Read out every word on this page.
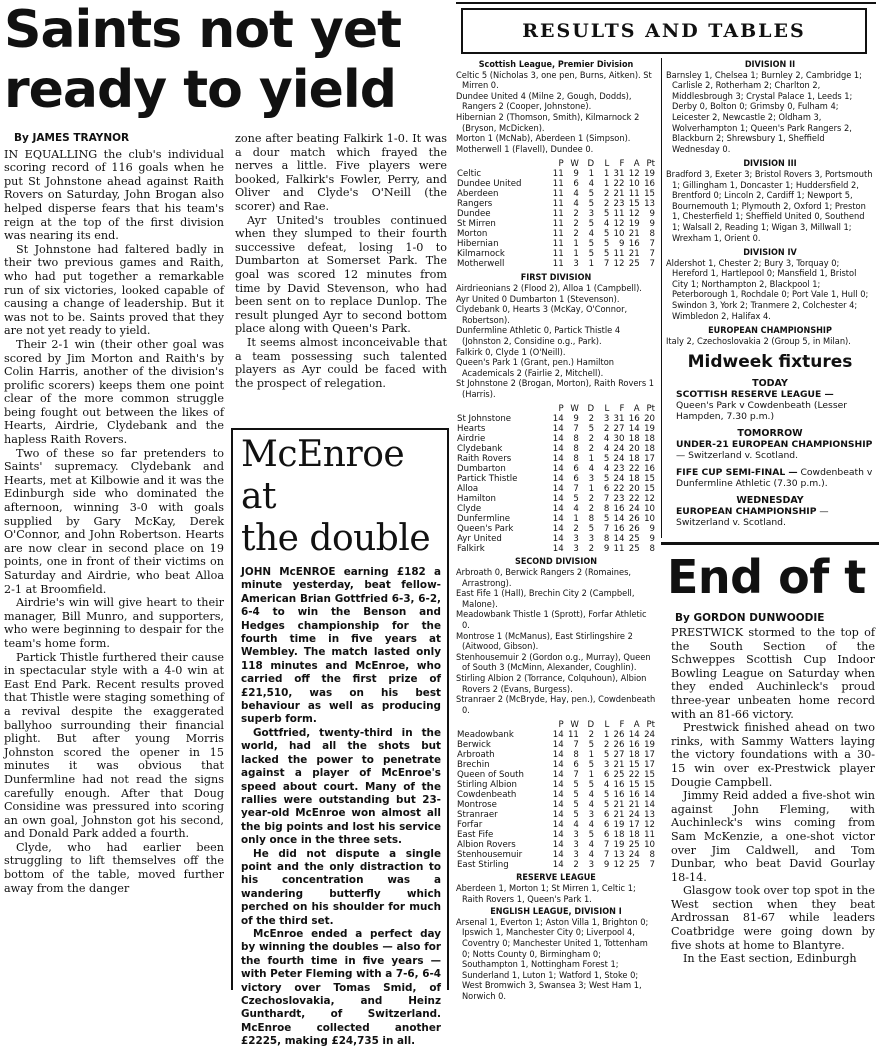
Saints not yet
ready to yield
By JAMES TRAYNOR

IN EQUALLING the club's individual scoring record of 116 goals when he put St Johnstone ahead against Raith Rovers on Saturday, John Brogan also helped disperse fears that his team's reign at the top of the first division was nearing its end.

St Johnstone had faltered badly in their two previous games and Raith, who had put together a remarkable run of six victories, looked capable of causing a change of leadership. But it was not to be. Saints proved that they are not yet ready to yield.

Their 2-1 win (their other goal was scored by Jim Morton and Raith's by Colin Harris, another of the division's prolific scorers) keeps them one point clear of the more common struggle being fought out between the likes of Hearts, Airdrie, Clydebank and the hapless Raith Rovers.

Two of these so far pretenders to Saints' supremacy. Clydebank and Hearts, met at Kilbowie and it was the Edinburgh side who dominated the afternoon, winning 3-0 with goals supplied by Gary McKay, Derek O'Connor, and John Robertson. Hearts are now clear in second place on 19 points, one in front of their victims on Saturday and Airdrie, who beat Alloa 2-1 at Broomfield.

Airdrie's win will give heart to their manager, Bill Munro, and supporters, who were beginning to despair for the team's home form.

Partick Thistle furthered their cause in spectacular style with a 4-0 win at East End Park. Recent results proved that Thistle were staging something of a revival despite the exaggerated ballyhoo surrounding their financial plight. But after young Morris Johnston scored the opener in 15 minutes it was obvious that Dunfermline had not read the signs carefully enough. After that Doug Considine was pressured into scoring an own goal, Johnston got his second, and Donald Park added a fourth.

Clyde, who had earlier been struggling to lift themselves off the bottom of the table, moved further away from the danger

zone after beating Falkirk 1-0. It was a dour match which frayed the nerves a little. Five players were booked, Falkirk's Fowler, Perry, and Oliver and Clyde's O'Neill (the scorer) and Rae.

Ayr United's troubles continued when they slumped to their fourth successive defeat, losing 1-0 to Dumbarton at Somerset Park. The goal was scored 12 minutes from time by David Stevenson, who had been sent on to replace Dunlop. The result plunged Ayr to second bottom place along with Queen's Park.

It seems almost inconceivable that a team possessing such talented players as Ayr could be faced with the prospect of relegation.

McEnroe at
the double

JOHN McENROE earning £182 a minute yesterday, beat fellow-American Brian Gottfried 6-3, 6-2, 6-4 to win the Benson and Hedges championship for the fourth time in five years at Wembley. The match lasted only 118 minutes and McEnroe, who carried off the first prize of £21,510, was on his best behaviour as well as producing superb form.

Gottfried, twenty-third in the world, had all the shots but lacked the power to penetrate against a player of McEnroe's speed about court. Many of the rallies were outstanding but 23-year-old McEnroe won almost all the big points and lost his service only once in the three sets.

He did not dispute a single point and the only distraction to his concentration was a wandering butterfly which perched on his shoulder for much of the third set.

McEnroe ended a perfect day by winning the doubles — also for the fourth time in five years — with Peter Fleming with a 7-6, 6-4 victory over Tomas Smid, of Czechoslovakia, and Heinz Gunthardt, of Switzerland. McEnroe collected another £2225, making £24,735 in all.

RESULTS AND TABLES
Scottish League, Premier Division
Celtic 5 (Nicholas 3, one pen, Burns, Aitken). St Mirren 0.
Dundee United 4 (Milne 2, Gough, Dodds), Rangers 2 (Cooper, Johnstone).
Hibernian 2 (Thomson, Smith), Kilmarnock 2 (Bryson, McDicken).
Morton 1 (McNab), Aberdeen 1 (Simpson).
Motherwell 1 (Flavell), Dundee 0.
	P	W	D	L	F	A	Pt
Celtic	11	9	1	1	31	12	19
Dundee United	11	6	4	1	22	10	16
Aberdeen	11	4	5	2	21	11	15
Rangers	11	4	5	2	23	15	13
Dundee	11	2	3	5	11	12	9
St Mirren	11	2	5	4	12	19	9
Morton	11	2	4	5	10	21	8
Hibernian	11	1	5	5	9	16	7
Kilmarnock	11	1	5	5	11	21	7
Motherwell	11	3	1	7	12	25	7
FIRST DIVISION
Airdrieonians 2 (Flood 2), Alloa 1 (Campbell).
Ayr United 0 Dumbarton 1 (Stevenson).
Clydebank 0, Hearts 3 (McKay, O'Connor, Robertson).
Dunfermline Athletic 0, Partick Thistle 4 (Johnston 2, Considine o.g., Park).
Falkirk 0, Clyde 1 (O'Neill).
Queen's Park 1 (Grant, pen.) Hamilton Academicals 2 (Fairlie 2, Mitchell).
St Johnstone 2 (Brogan, Morton), Raith Rovers 1 (Harris).
	P	W	D	L	F	A	Pt
St Johnstone	14	9	2	3	31	16	20
Hearts	14	7	5	2	27	14	19
Airdrie	14	8	2	4	30	18	18
Clydebank	14	8	2	4	24	20	18
Raith Rovers	14	8	1	5	24	18	17
Dumbarton	14	6	4	4	23	22	16
Partick Thistle	14	6	3	5	24	18	15
Alloa	14	7	1	6	22	20	15
Hamilton	14	5	2	7	23	22	12
Clyde	14	4	2	8	16	24	10
Dunfermline	14	1	8	5	14	26	10
Queen's Park	14	2	5	7	16	26	9
Ayr United	14	3	3	8	14	25	9
Falkirk	14	3	2	9	11	25	8
SECOND DIVISION
Arbroath 0, Berwick Rangers 2 (Romaines, Arrastrong).
East Fife 1 (Hall), Brechin City 2 (Campbell, Malone).
Meadowbank Thistle 1 (Sprott), Forfar Athletic 0.
Montrose 1 (McManus), East Stirlingshire 2 (Aitwood, Gibson).
Stenhousemuir 2 (Gordon o.g., Murray), Queen of South 3 (McMinn, Alexander, Coughlin).
Stirling Albion 2 (Torrance, Colquhoun), Albion Rovers 2 (Evans, Burgess).
Stranraer 2 (McBryde, Hay, pen.), Cowdenbeath 0.
	P	W	D	L	F	A	Pt
Meadowbank	14	11	2	1	26	14	24
Berwick	14	7	5	2	26	16	19
Arbroath	14	8	1	5	27	18	17
Brechin	14	6	5	3	21	15	17
Queen of South	14	7	1	6	25	22	15
Stirling Albion	14	5	5	4	16	15	15
Cowdenbeath	14	5	4	5	16	16	14
Montrose	14	5	4	5	21	21	14
Stranraer	14	5	3	6	21	24	13
Forfar	14	4	4	6	19	17	12
East Fife	14	3	5	6	18	18	11
Albion Rovers	14	3	4	7	19	25	10
Stenhousemuir	14	3	4	7	13	24	8
East Stirling	14	2	3	9	12	25	7
RESERVE LEAGUE
Aberdeen 1, Morton 1; St Mirren 1, Celtic 1; Raith Rovers 1, Queen's Park 1.
ENGLISH LEAGUE, DIVISION I
Arsenal 1, Everton 1; Aston Villa 1, Brighton 0; Ipswich 1, Manchester City 0; Liverpool 4, Coventry 0; Manchester United 1, Tottenham 0; Notts County 0, Birmingham 0; Southampton 1, Nottingham Forest 1; Sunderland 1, Luton 1; Watford 1, Stoke 0; West Bromwich 3, Swansea 3; West Ham 1, Norwich 0.
DIVISION II
Barnsley 1, Chelsea 1; Burnley 2, Cambridge 1; Carlisle 2, Rotherham 2; Charlton 2, Middlesbrough 3; Crystal Palace 1, Leeds 1; Derby 0, Bolton 0; Grimsby 0, Fulham 4; Leicester 2, Newcastle 2; Oldham 3, Wolverhampton 1; Queen's Park Rangers 2, Blackburn 2; Shrewsbury 1, Sheffield Wednesday 0.
DIVISION III
Bradford 3, Exeter 3; Bristol Rovers 3, Portsmouth 1; Gillingham 1, Doncaster 1; Huddersfield 2, Brentford 0; Lincoln 2, Cardiff 1; Newport 5, Bournemouth 1; Plymouth 2, Oxford 1; Preston 1, Chesterfield 1; Sheffield United 0, Southend 1; Walsall 2, Reading 1; Wigan 3, Millwall 1; Wrexham 1, Orient 0.
DIVISION IV
Aldershot 1, Chester 2; Bury 3, Torquay 0; Hereford 1, Hartlepool 0; Mansfield 1, Bristol City 1; Northampton 2, Blackpool 1; Peterborough 1, Rochdale 0; Port Vale 1, Hull 0; Swindon 3, York 2; Tranmere 2, Colchester 4; Wimbledon 2, Halifax 4.
EUROPEAN CHAMPIONSHIP
Italy 2, Czechoslovakia 2 (Group 5, in Milan).
Midweek fixtures
TODAY
SCOTTISH RESERVE LEAGUE — Queen's Park v Cowdenbeath (Lesser Hampden, 7.30 p.m.)
TOMORROW
UNDER-21 EUROPEAN CHAMPIONSHIP — Switzerland v. Scotland.
FIFE CUP SEMI-FINAL — Cowdenbeath v Dunfermline Athletic (7.30 p.m.).
WEDNESDAY
EUROPEAN CHAMPIONSHIP — Switzerland v. Scotland.
End of t
By GORDON DUNWOODIE

PRESTWICK stormed to the top of the South Section of the Schweppes Scottish Cup Indoor Bowling League on Saturday when they ended Auchinleck's proud three-year unbeaten home record with an 81-66 victory.

Prestwick finished ahead on two rinks, with Sammy Watters laying the victory foundations with a 30-15 win over ex-Prestwick player Dougie Campbell.

Jimmy Reid added a five-shot win against John Fleming, with Auchinleck's wins coming from Sam McKenzie, a one-shot victor over Jim Caldwell, and Tom Dunbar, who beat David Gourlay 18-14.

Glasgow took over top spot in the West section when they beat Ardrossan 81-67 while leaders Coatbridge were going down by five shots at home to Blantyre.

In the East section, Edinburgh
